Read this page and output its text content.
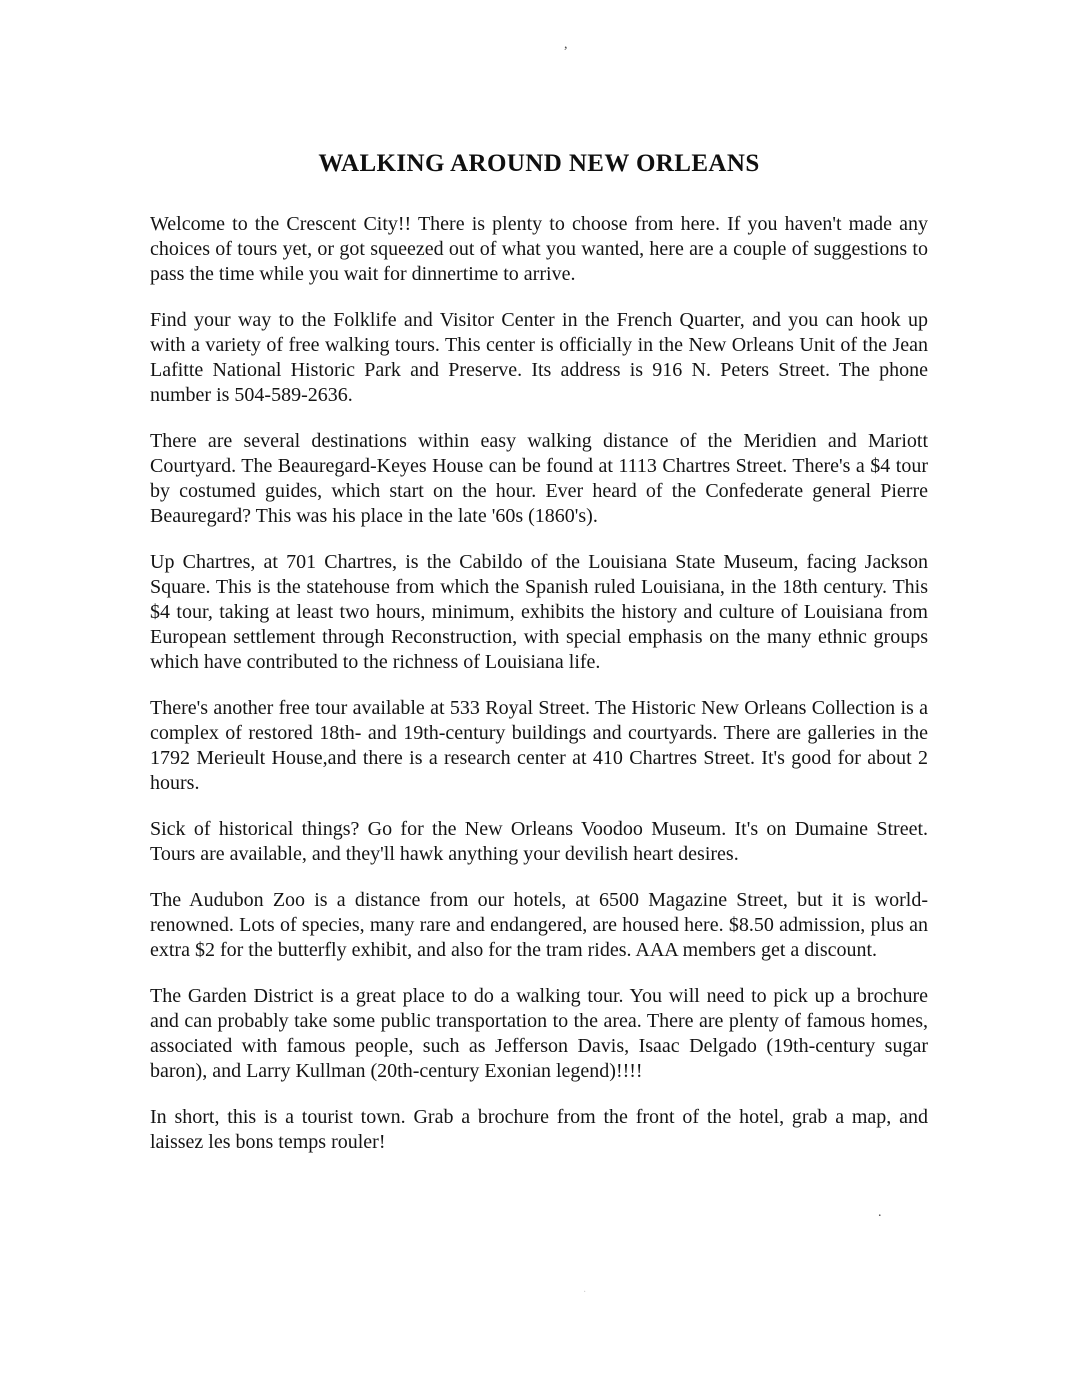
,
WALKING AROUND NEW ORLEANS

Welcome to the Crescent City!! There is plenty to choose from here. If you haven't made any choices of tours yet, or got squeezed out of what you wanted, here are a couple of suggestions to pass the time while you wait for dinnertime to arrive.

Find your way to the Folklife and Visitor Center in the French Quarter, and you can hook up with a variety of free walking tours. This center is officially in the New Orleans Unit of the Jean Lafitte National Historic Park and Preserve. Its address is 916 N. Peters Street. The phone number is 504-589-2636.

There are several destinations within easy walking distance of the Meridien and Mariott Courtyard. The Beauregard-Keyes House can be found at 1113 Chartres Street. There's a $4 tour by costumed guides, which start on the hour. Ever heard of the Confederate general Pierre Beauregard? This was his place in the late '60s (1860's).

Up Chartres, at 701 Chartres, is the Cabildo of the Louisiana State Museum, facing Jackson Square. This is the statehouse from which the Spanish ruled Louisiana, in the 18th century. This $4 tour, taking at least two hours, minimum, exhibits the history and culture of Louisiana from European settlement through Reconstruction, with special emphasis on the many ethnic groups which have contributed to the richness of Louisiana life.

There's another free tour available at 533 Royal Street. The Historic New Orleans Collection is a complex of restored 18th- and 19th-century buildings and courtyards. There are galleries in the 1792 Merieult House,and there is a research center at 410 Chartres Street. It's good for about 2 hours.

Sick of historical things? Go for the New Orleans Voodoo Museum. It's on Dumaine Street. Tours are available, and they'll hawk anything your devilish heart desires.

The Audubon Zoo is a distance from our hotels, at 6500 Magazine Street, but it is world-renowned. Lots of species, many rare and endangered, are housed here. $8.50 admission, plus an extra $2 for the butterfly exhibit, and also for the tram rides. AAA members get a discount.

The Garden District is a great place to do a walking tour. You will need to pick up a brochure and can probably take some public transportation to the area. There are plenty of famous homes, associated with famous people, such as Jefferson Davis, Isaac Delgado (19th-century sugar baron), and Larry Kullman (20th-century Exonian legend)!!!!

In short, this is a tourist town. Grab a brochure from the front of the hotel, grab a map, and laissez les bons temps rouler!

.
·
